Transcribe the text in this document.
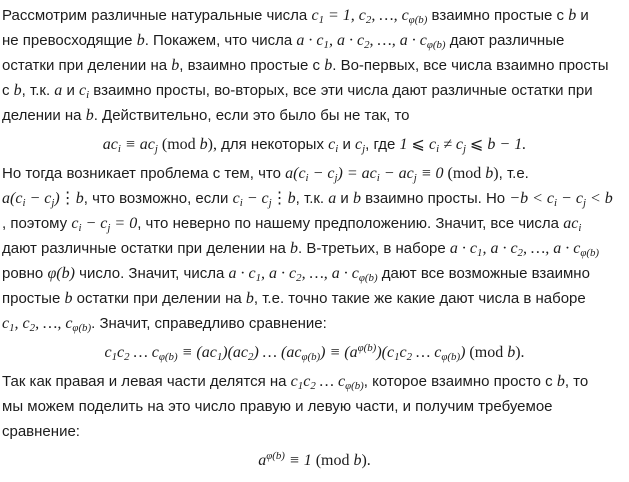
Рассмотрим различные натуральные числа $c_1 = 1$, $c_2$, …, $c_{\varphi(b)}$ взаимно простые с b и
не превосходящие b. Покажем, что числа $a \cdot c_1$, $a \cdot c_2$, …, $a \cdot c_{\varphi(b)}$ дают различные
остатки при делении на b, взаимно простые с b. Во-первых, все числа взаимно просты
с b, т.к. a и $c_i$ взаимно просты, во-вторых, все эти числа дают различные остатки при
делении на b. Действительно, если это было бы не так, то
$ac_i \equiv ac_j$ (mod b), для некоторых $c_i$ и $c_j$, где 1 ⩽ $c_i \ne c_j$ ⩽ b − 1.
Но тогда возникает проблема с тем, что $a(c_i - c_j) = ac_i - ac_j \equiv 0$ (mod b), т.е.
$a(c_i$ − $c_j)⋮b$, что возможно, если $c_i$ − $c_j⋮b$, т.к. a и b взаимно просты. Но $-b < c_i - c_j < b$
, поэтому $c_i - c_j = 0$, что неверно по нашему предположению. Значит, все числа $ac_i$
дают различные остатки при делении на b. В-третьих, в наборе $a \cdot c_1$, $a \cdot c_2$, …, $a \cdot c_{\varphi(b)}$
ровно φ(b) число. Значит, числа $a \cdot c_1$, $a \cdot c_2$, …, $a \cdot c_{\varphi(b)}$ дают все возможные взаимно
простые b остатки при делении на b, т.е. точно такие же какие дают числа в наборе
$c_1$, $c_2$, …, $c_{\varphi(b)}$. Значит, справедливо сравнение:
$c_1c_2$ … $c_{\varphi(b)} \equiv (ac_1)(ac_2)$ … $(ac_{\varphi(b)}) \equiv (a^{\varphi(b)})(c_1c_2$ … $c_{\varphi(b)}$) (mod b).
Так как правая и левая части делятся на $c_1c_2$ … $c_{\varphi(b)}$, которое взаимно просто с b, то
мы можем поделить на это число правую и левую части, и получим требуемое
сравнение:
$a^{\varphi(b)} \equiv 1$ (mod b).
